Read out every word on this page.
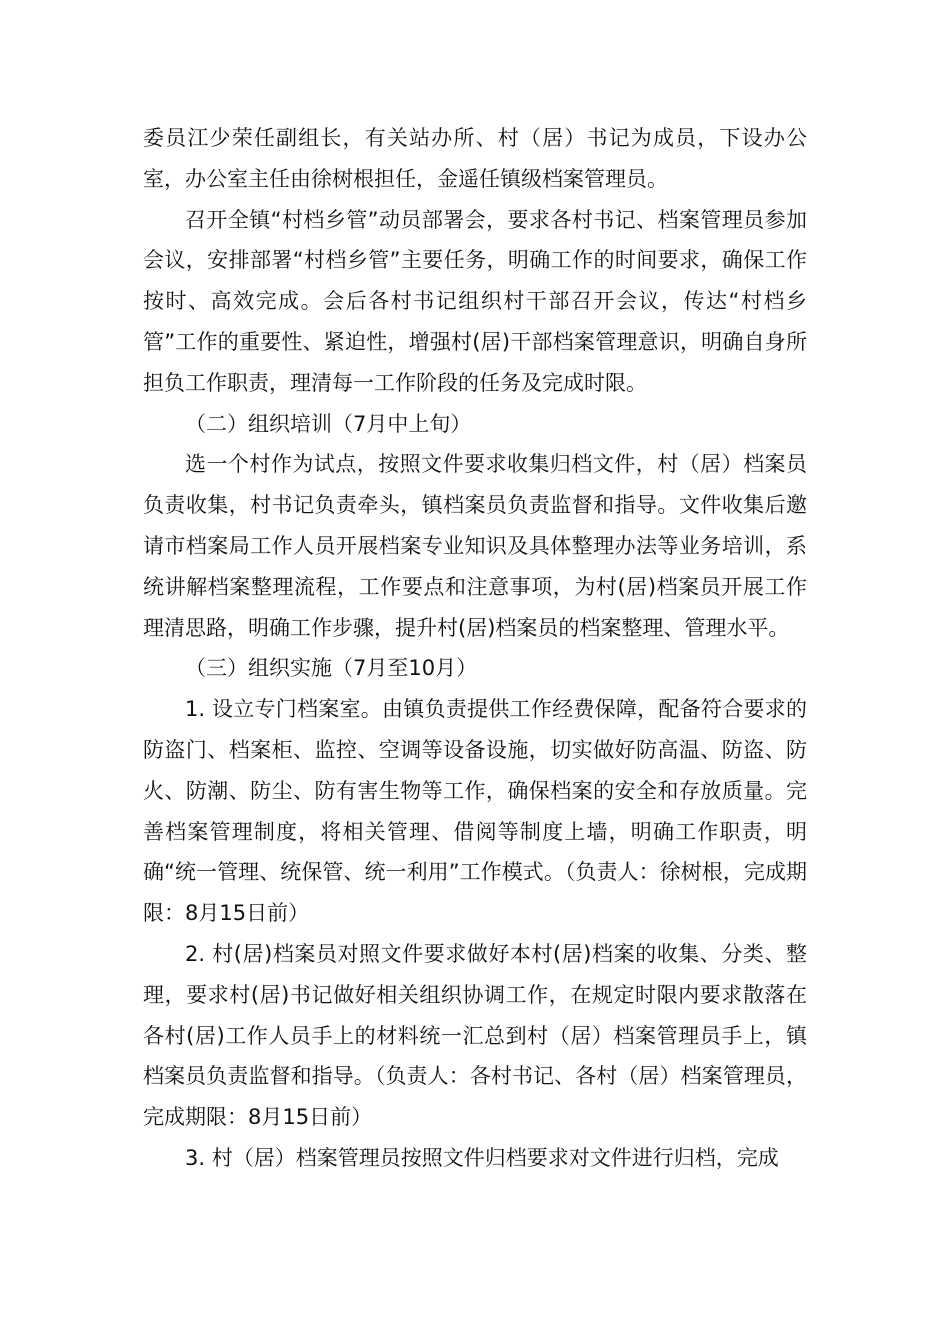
委员江少荣任副组长，有关站办所、村（居）书记为成员，下设办公室，办公室主任由徐树根担任，金遥任镇级档案管理员。

召开全镇“村档乡管”动员部署会，要求各村书记、档案管理员参加会议，安排部署“村档乡管”主要任务，明确工作的时间要求，确保工作按时、高效完成。会后各村书记组织村干部召开会议，传达“村档乡管”工作的重要性、紧迫性，增强村(居)干部档案管理意识，明确自身所担负工作职责，理清每一工作阶段的任务及完成时限。

（二）组织培训（7月中上旬）

选一个村作为试点，按照文件要求收集归档文件，村（居）档案员负责收集，村书记负责牵头，镇档案员负责监督和指导。文件收集后邀请市档案局工作人员开展档案专业知识及具体整理办法等业务培训，系统讲解档案整理流程，工作要点和注意事项，为村(居)档案员开展工作理清思路，明确工作步骤，提升村(居)档案员的档案整理、管理水平。

（三）组织实施（7月至10月）

1. 设立专门档案室。由镇负责提供工作经费保障，配备符合要求的防盗门、档案柜、监控、空调等设备设施，切实做好防高温、防盗、防火、防潮、防尘、防有害生物等工作，确保档案的安全和存放质量。完善档案管理制度，将相关管理、借阅等制度上墙，明确工作职责，明确“统一管理、统保管、统一利用”工作模式。（负责人：徐树根，完成期限：8月15日前）

2. 村(居)档案员对照文件要求做好本村(居)档案的收集、分类、整理，要求村(居)书记做好相关组织协调工作，在规定时限内要求散落在各村(居)工作人员手上的材料统一汇总到村（居）档案管理员手上，镇档案员负责监督和指导。（负责人：各村书记、各村（居）档案管理员，完成期限：8月15日前）

3. 村（居）档案管理员按照文件归档要求对文件进行归档，完成
